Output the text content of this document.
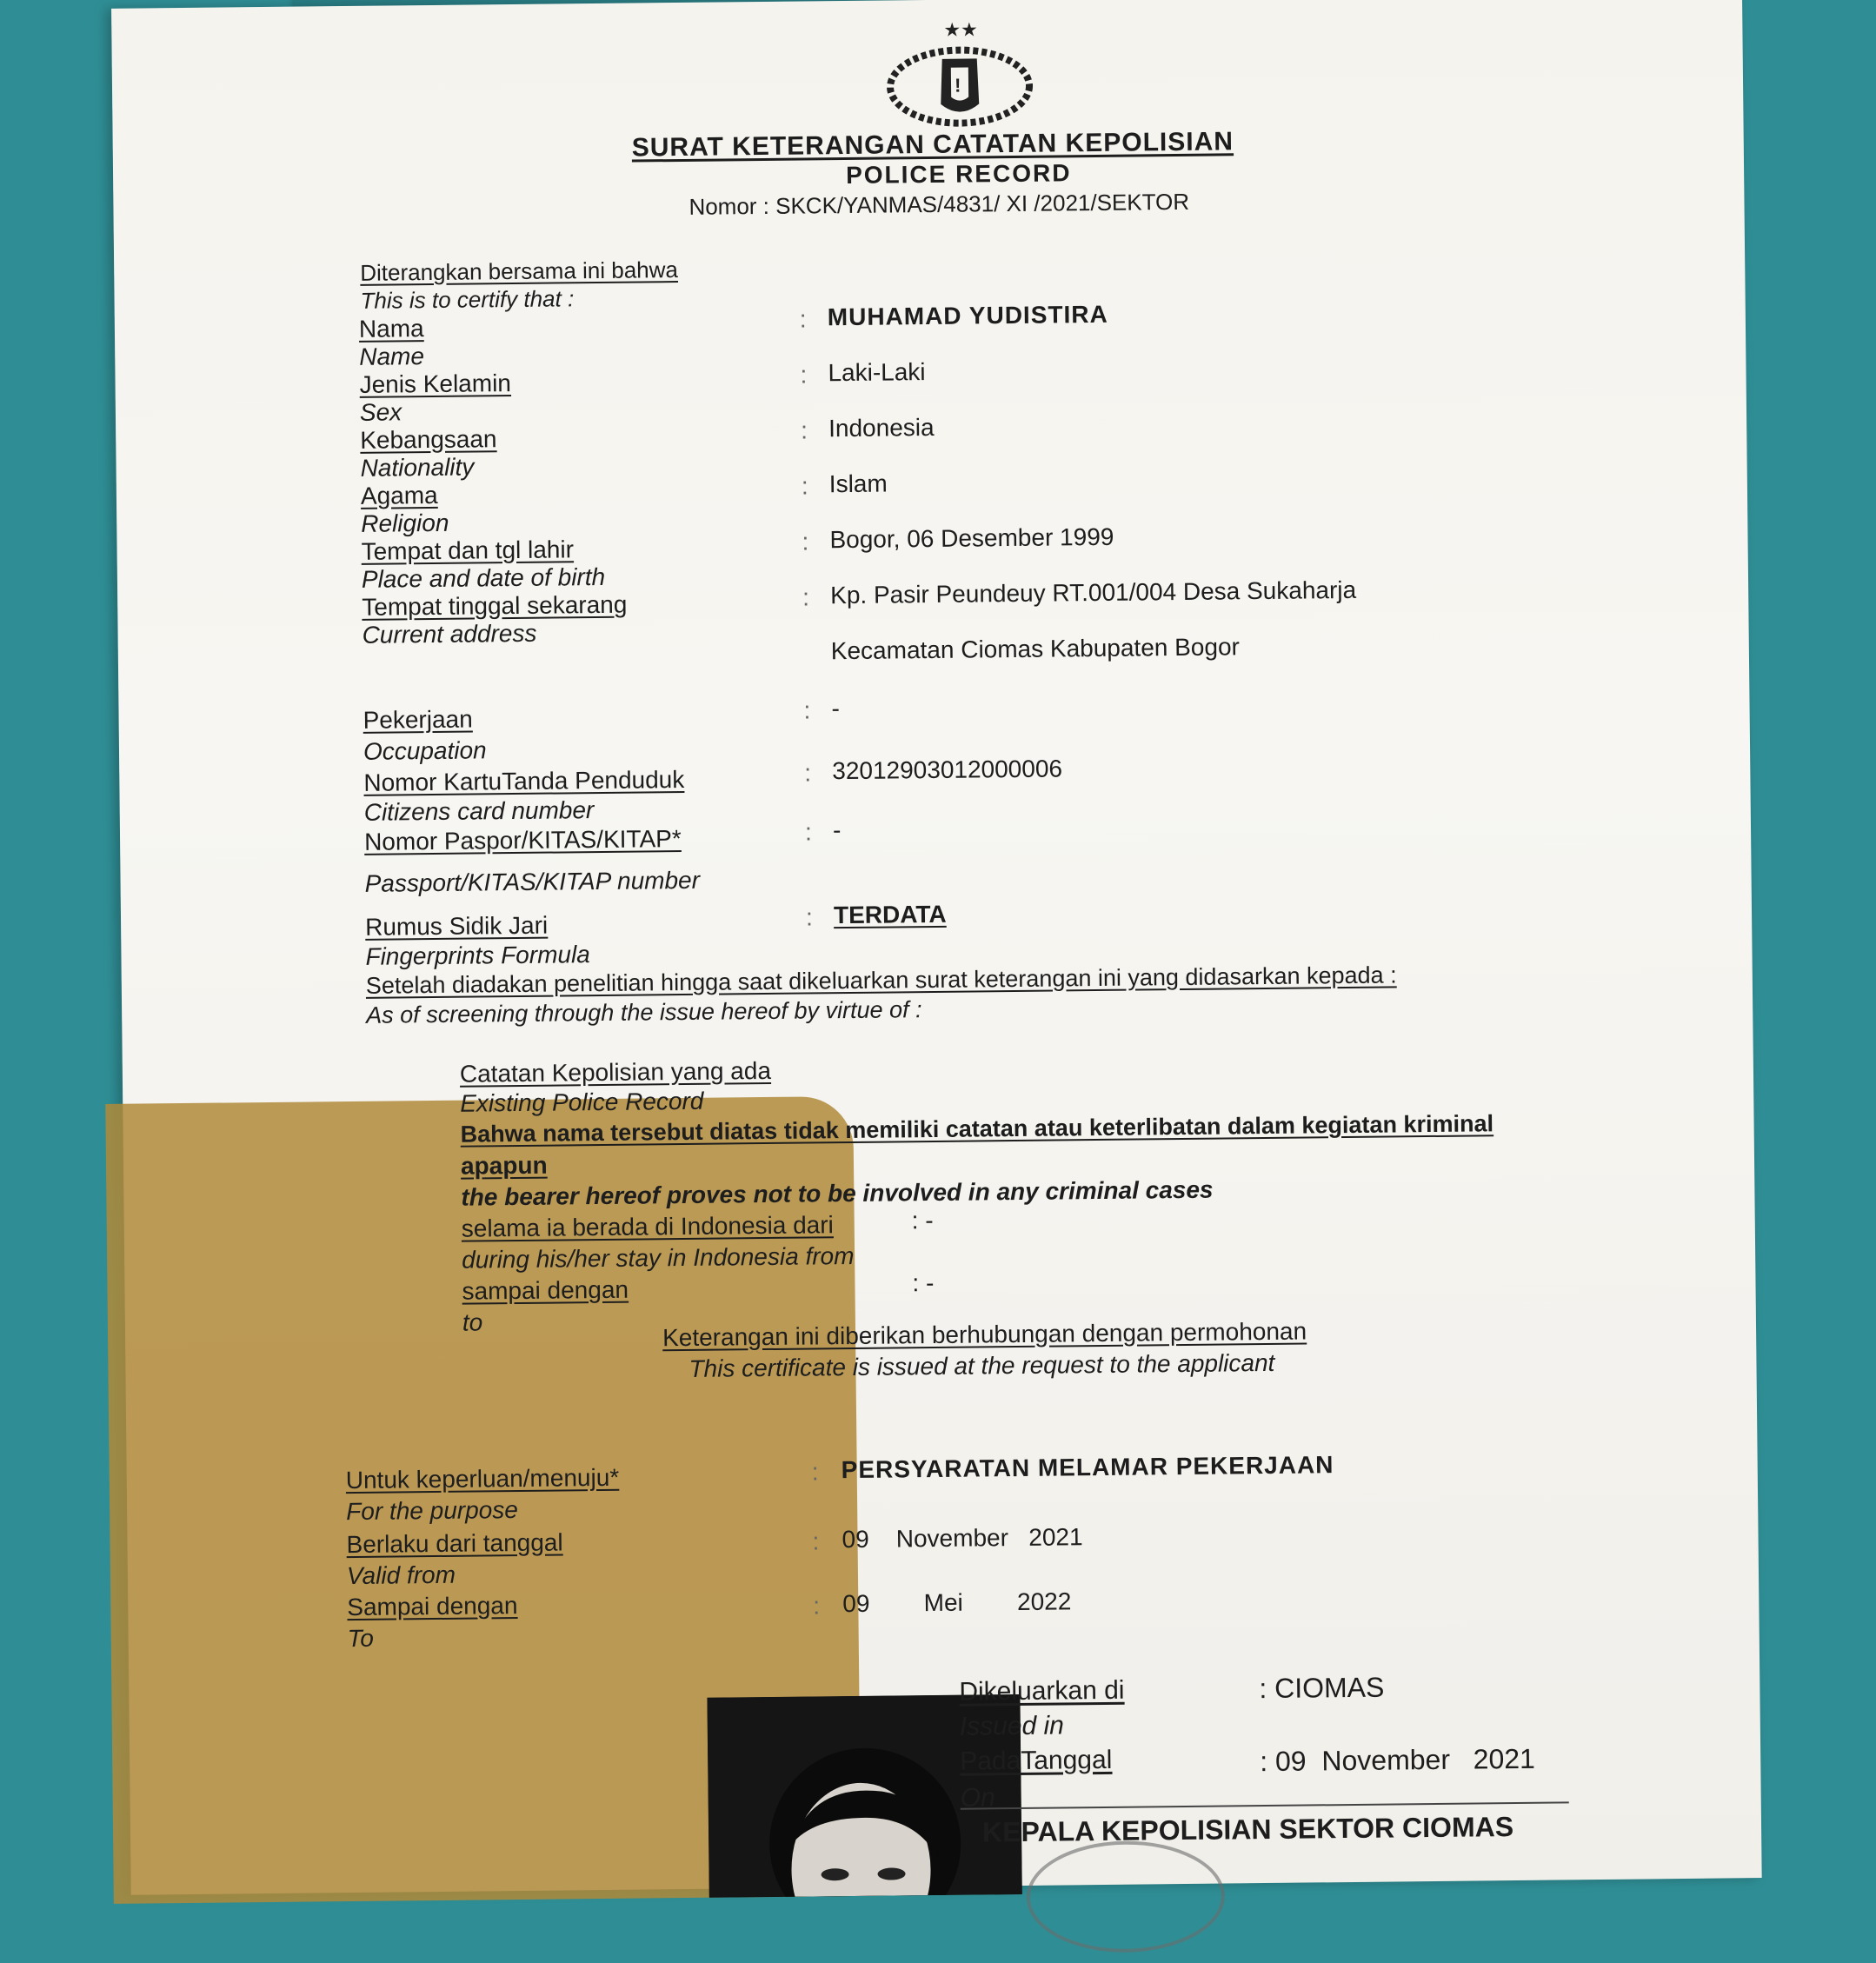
★★
!
SURAT KETERANGAN CATATAN KEPOLISIAN
POLICE RECORD
Nomor : SKCK/YANMAS/4831/ XI /2021/SEKTOR
Diterangkan bersama ini bahwa
This is to certify that :
Nama
Name
: MUHAMAD YUDISTIRA
Jenis Kelamin
Sex
: Laki-Laki
Kebangsaan
Nationality
: Indonesia
Agama
Religion
: Islam
Tempat dan tgl lahir
Place and date of birth
: Bogor, 06 Desember 1999
Tempat tinggal sekarang
Current address
: Kp. Pasir Peundeuy RT.001/004 Desa Sukaharja
Kecamatan Ciomas Kabupaten Bogor
Pekerjaan
Occupation
: -
Nomor KartuTanda Penduduk
Citizens card number
: 32012903012000006
Nomor Paspor/KITAS/KITAP*
Passport/KITAS/KITAP number
: -
Rumus Sidik Jari
Fingerprints Formula
: TERDATA
Setelah diadakan penelitian hingga saat dikeluarkan surat keterangan ini yang didasarkan kepada :
As of screening through the issue hereof by virtue of :
Catatan Kepolisian yang ada
Existing Police Record
Bahwa nama tersebut diatas tidak memiliki catatan atau keterlibatan dalam kegiatan kriminal
apapun
the bearer hereof proves not to be involved in any criminal cases
selama ia berada di Indonesia dari	: -
during his/her stay in Indonesia from
sampai dengan	: -
to	Keterangan ini diberikan berhubungan dengan permohonan
This certificate is issued at the request to the applicant
Untuk keperluan/menuju*
For the purpose
: PERSYARATAN MELAMAR PEKERJAAN
Berlaku dari tanggal
Valid from
: 09    November   2021
Sampai dengan
To
: 09        Mei        2022
Dikeluarkan di
Issued in
: CIOMAS
PadaTanggal
On
: 09  November   2021
KEPALA KEPOLISIAN SEKTOR CIOMAS
